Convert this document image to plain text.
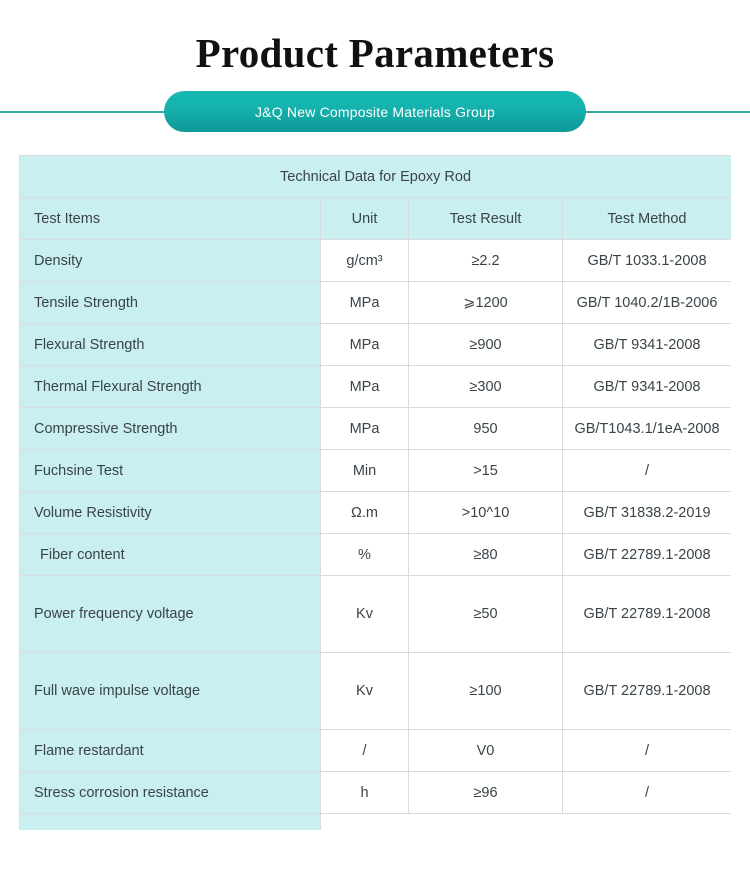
Product Parameters
J&Q New Composite Materials Group
Technical Data for Epoxy Rod			
Test Items	Unit	Test Result	Test Method
Density	g/cm³	≥2.2	GB/T 1033.1-2008
Tensile Strength	MPa	⩾1200	GB/T 1040.2/1B-2006
Flexural Strength	MPa	≥900	GB/T 9341-2008
Thermal Flexural Strength	MPa	≥300	GB/T 9341-2008
Compressive Strength	MPa	950	GB/T1043.1/1eA-2008
Fuchsine Test	Min	>15	/
Volume Resistivity	Ω.m	>10^10	GB/T 31838.2-2019
Fiber content	%	≥80	GB/T 22789.1-2008
Power frequency voltage	Kv	≥50	GB/T 22789.1-2008
Full wave impulse voltage	Kv	≥100	GB/T 22789.1-2008
Flame restardant	/	V0	/
Stress corrosion resistance	h	≥96	/
